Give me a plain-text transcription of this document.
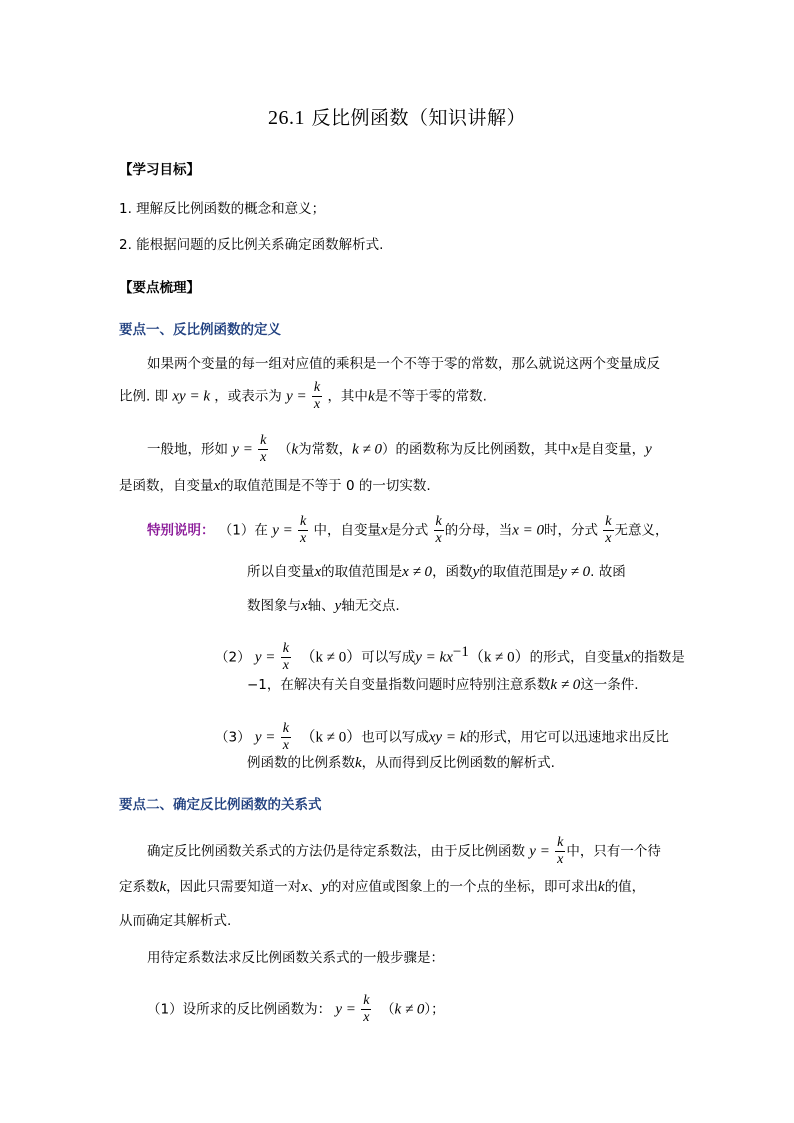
26.1 反比例函数（知识讲解）
【学习目标】
1. 理解反比例函数的概念和意义；
2. 能根据问题的反比例关系确定函数解析式.
【要点梳理】
要点一、反比例函数的定义
如果两个变量的每一组对应值的乘积是一个不等于零的常数，那么就说这两个变量成反
比例. 即 xy = k ，或表示为 $y = \frac{k}{x}$ ，其中k是不等于零的常数.
一般地，形如 $y = \frac{k}{x} (k$为常数，k ≠ 0）的函数称为反比例函数，其中x是自变量，y
是函数，自变量x的取值范围是不等于 0 的一切实数.
特别说明： （1）在 $y = \frac{k}{x}$ 中，自变量x是分式 $\frac{k}{x}$ 的分母，当x = 0时，分式 $\frac{k}{x}$ 无意义，
所以自变量x的取值范围是x ≠ 0，函数y的取值范围是y ≠ 0. 故函
数图象与x轴、y轴无交点.
（2） $y = \frac{k}{x} (k \ne 0)$可以写成$y = kx^{-1}(k \ne 0)$的形式，自变量x的指数是
−1，在解决有关自变量指数问题时应特别注意系数k ≠ 0这一条件.
（3） $y = \frac{k}{x} (k \ne 0)$也可以写成xy = k的形式，用它可以迅速地求出反比
例函数的比例系数k，从而得到反比例函数的解析式.
要点二、确定反比例函数的关系式
确定反比例函数关系式的方法仍是待定系数法，由于反比例函数 $y = \frac{k}{x}$ 中，只有一个待
定系数k，因此只需要知道一对x、y的对应值或图象上的一个点的坐标，即可求出k的值，
从而确定其解析式.
用待定系数法求反比例函数关系式的一般步骤是：
（1）设所求的反比例函数为： $y = \frac{k}{x} (k \ne 0)$；
